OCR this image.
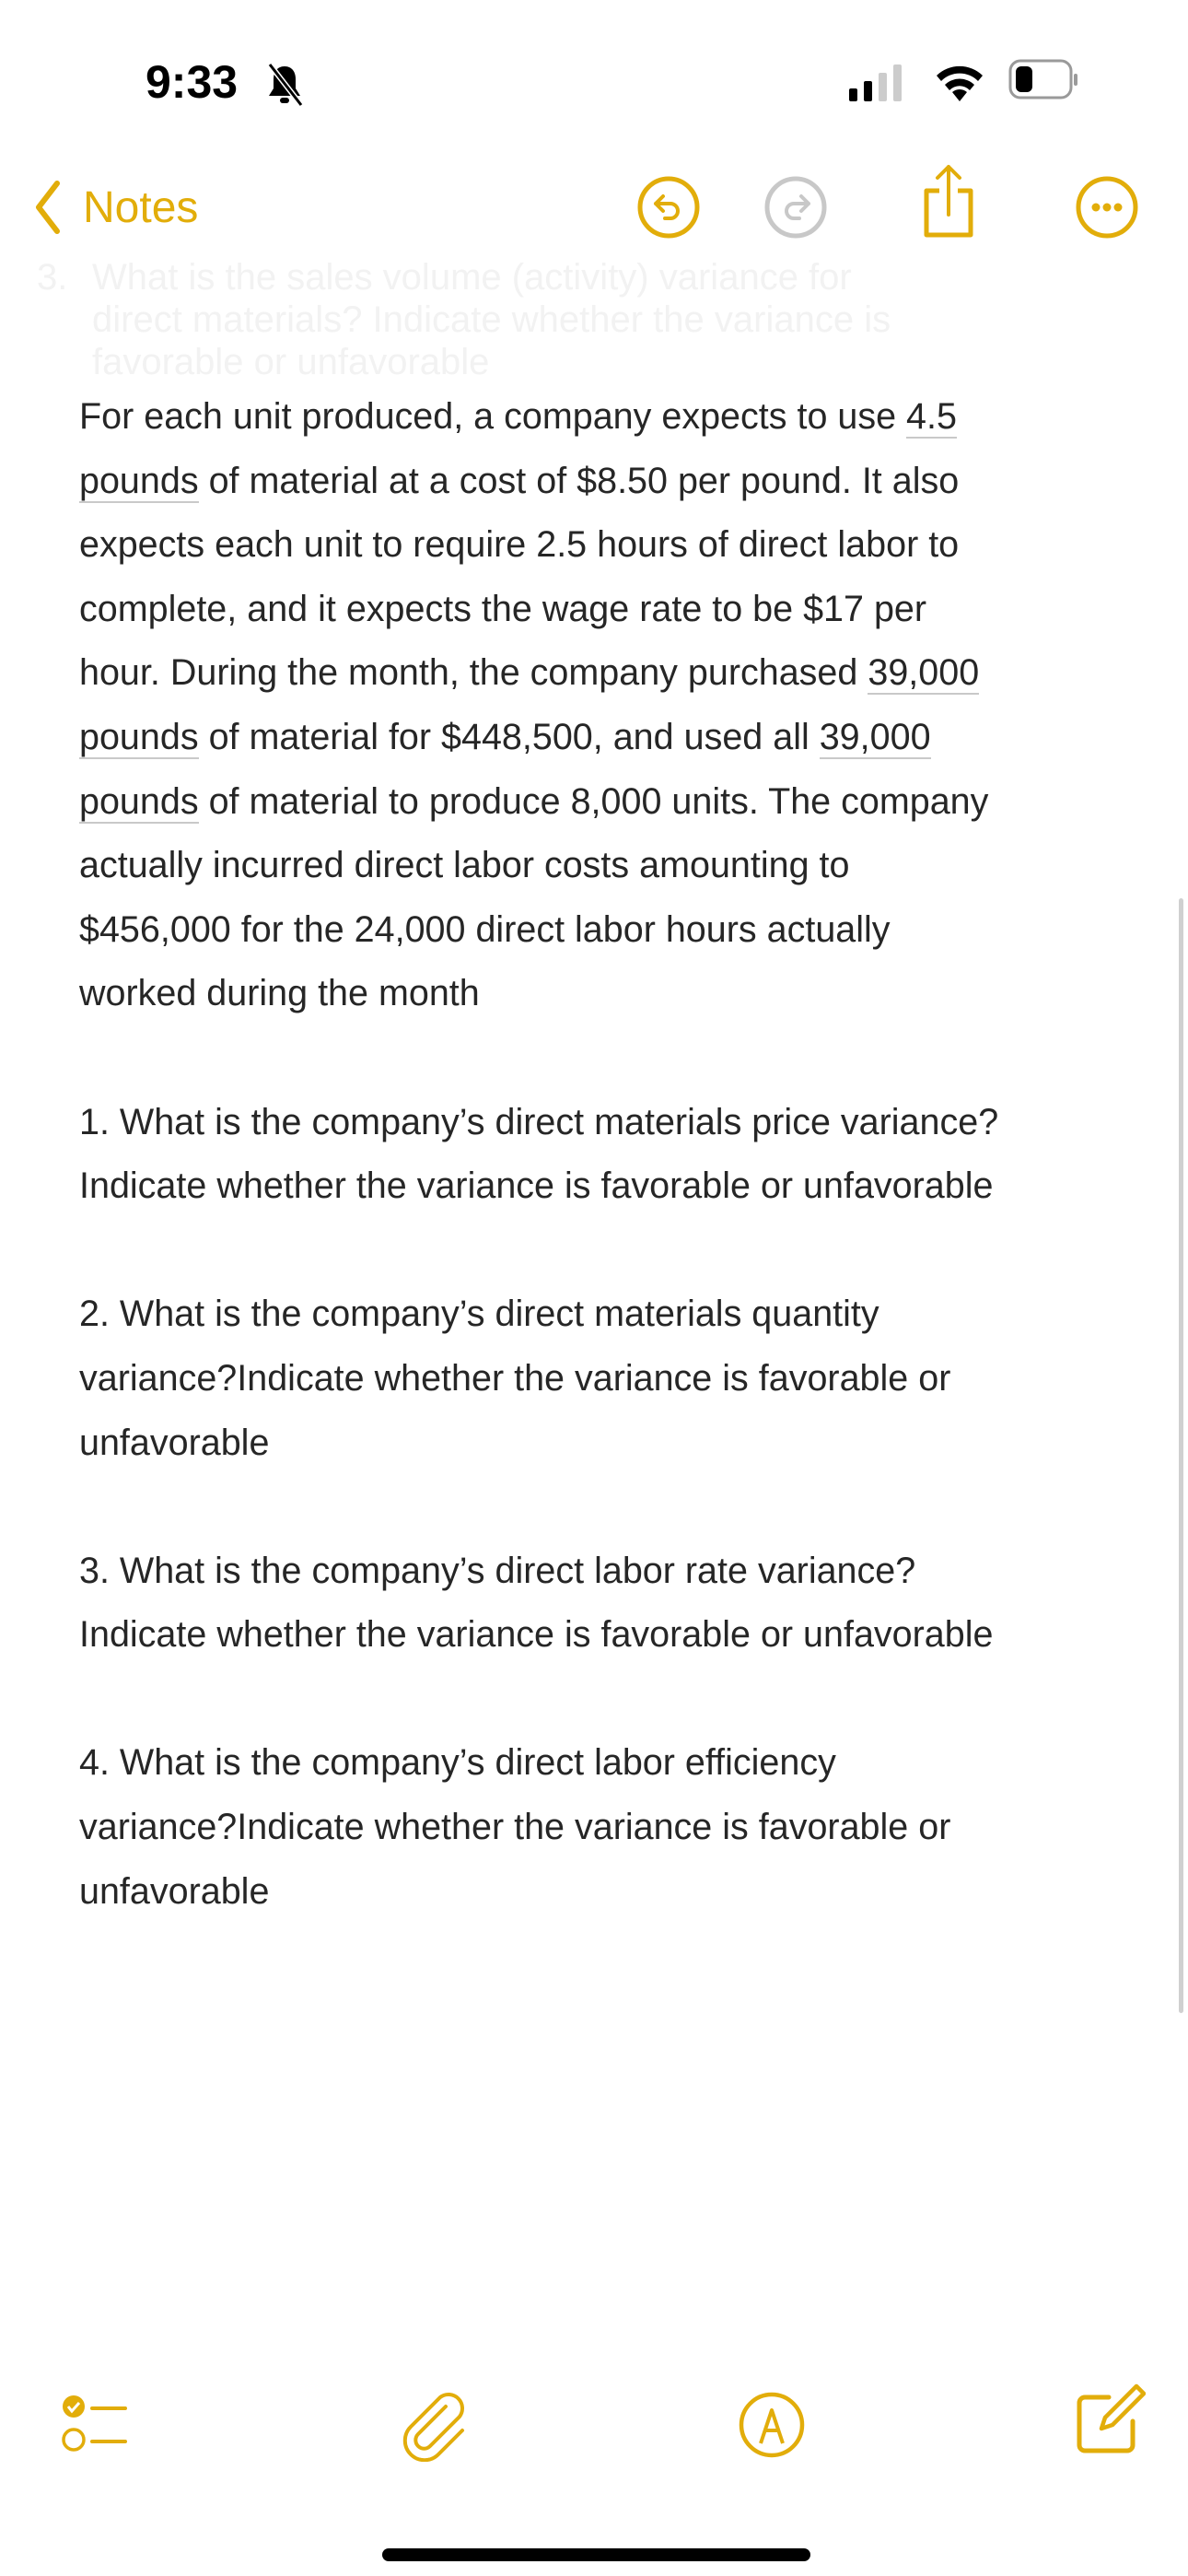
3. What is the sales volume (activity) variance for
direct materials? Indicate whether the variance is
favorable or unfavorable
9:33
Notes
For each unit produced, a company expects to use 4.5
pounds of material at a cost of $8.50 per pound. It also
expects each unit to require 2.5 hours of direct labor to
complete, and it expects the wage rate to be $17 per
hour. During the month, the company purchased 39,000
pounds of material for $448,500, and used all 39,000
pounds of material to produce 8,000 units. The company
actually incurred direct labor costs amounting to
$456,000 for the 24,000 direct labor hours actually
worked during the month
1. What is the company’s direct materials price variance?
Indicate whether the variance is favorable or unfavorable
2. What is the company’s direct materials quantity
variance?Indicate whether the variance is favorable or
unfavorable
3. What is the company’s direct labor rate variance?
Indicate whether the variance is favorable or unfavorable
4. What is the company’s direct labor efficiency
variance?Indicate whether the variance is favorable or
unfavorable
